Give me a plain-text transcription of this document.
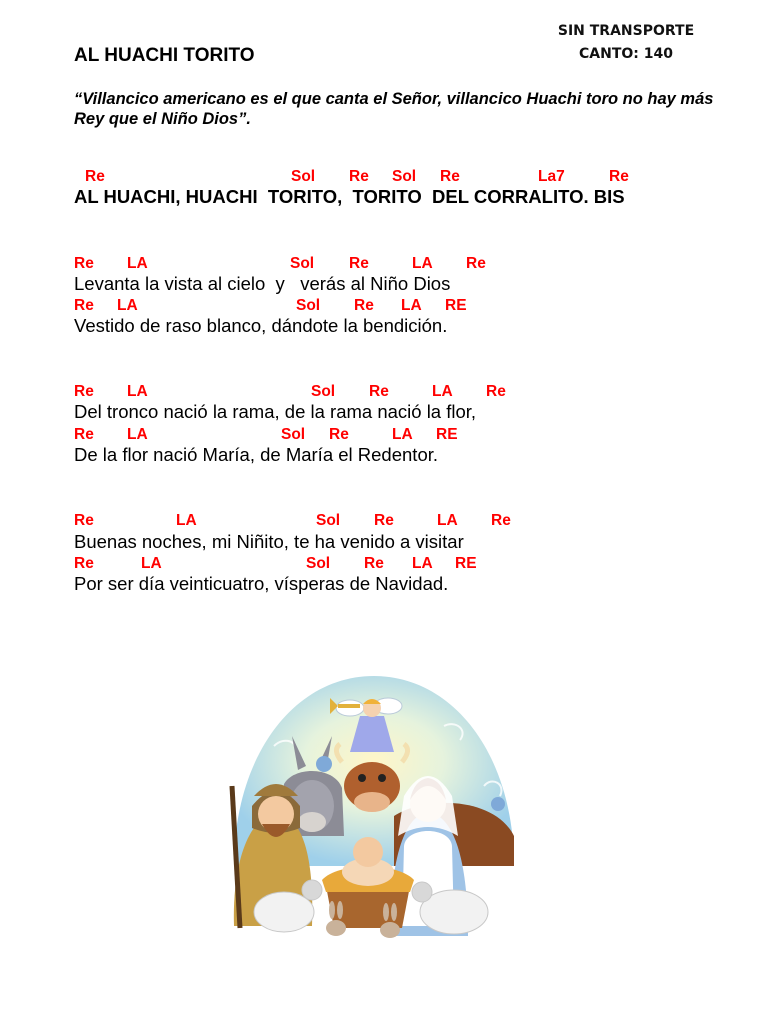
SIN TRANSPORTE
CANTO: 140
AL HUACHI TORITO
“Villancico americano es el que canta el Señor, villancico Huachi toro no hay más Rey que el Niño Dios”.

Re

	Sol

Re

Sol

Re

	La7

	Re

AL HUACHI, HUACHI  TORITO,  TORITO  DEL CORRALITO. BIS

Re

LA

	Sol

Re

	LA

Re

Levanta la vista al cielo  y   verás al Niño Dios

Re

LA

	Sol

Re

LA

RE

Vestido de raso blanco, dándote la bendición.

Re

LA

	Sol

Re

	LA

Re

Del tronco nació la rama, de la rama nació la flor,

Re

LA

	Sol

Re

	LA

RE

De la flor nació María, de María el Redentor.

Re

	LA

	Sol

Re

	LA

Re

Buenas noches, mi Niñito, te ha venido a visitar

Re

	LA

	Sol

Re

LA

RE

Por ser día veinticuatro, vísperas de Navidad.
